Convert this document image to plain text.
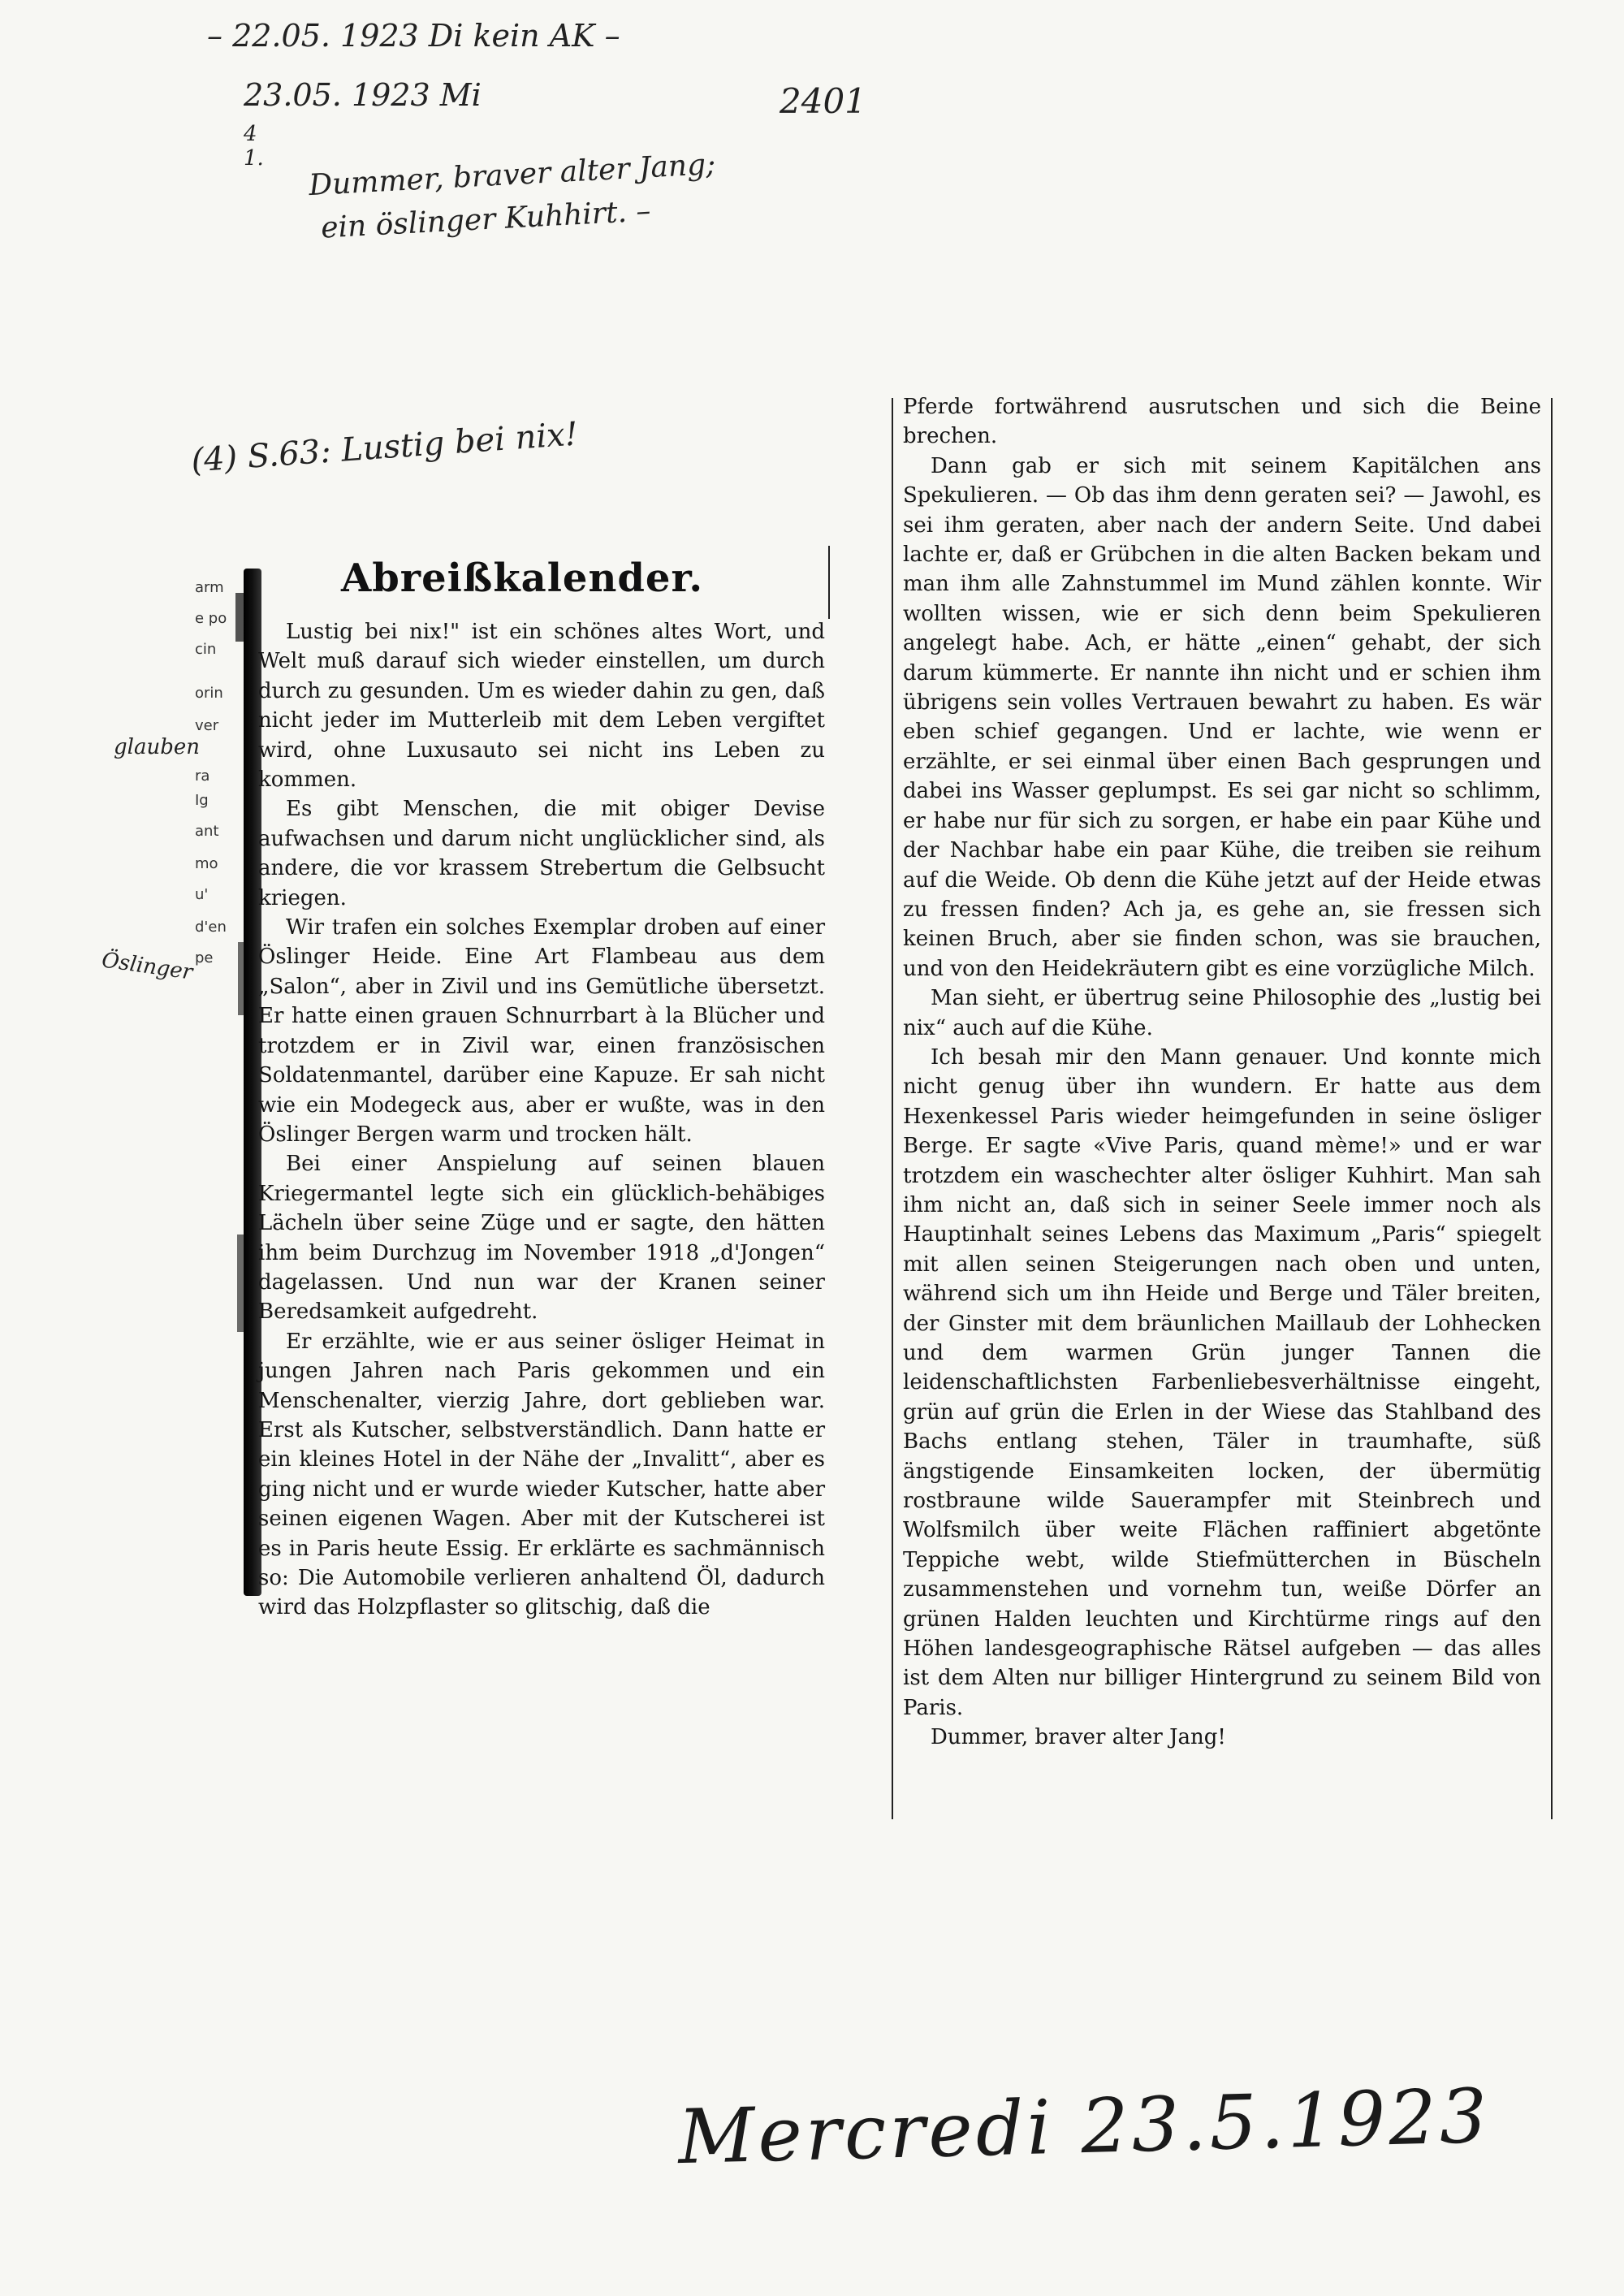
– 22.05. 1923 Di kein AK –
23.05. 1923 Mi	2401
4
1. Dummer, braver alter Jang;
ein öslinger Kuhhirt. –
(4) S.63: Lustig bei nix!
glauben
Öslinger
Mercredi 23.5.1923
arm
e po
cin
orin
ver
ra
Ig
ant
mo
u'
d'en
pe
Abreißkalender.

Lustig bei nix!" ist ein schönes altes Wort, und Welt muß darauf sich wieder einstellen, um durch durch zu gesunden. Um es wieder dahin zu gen, daß nicht jeder im Mutterleib mit dem Leben vergiftet wird, ohne Luxusauto sei nicht ins Leben zu kommen.

Es gibt Menschen, die mit obiger Devise aufwachsen und darum nicht unglücklicher sind, als andere, die vor krassem Strebertum die Gelbsucht kriegen.

Wir trafen ein solches Exemplar droben auf einer Öslinger Heide. Eine Art Flambeau aus dem „Salon“, aber in Zivil und ins Gemütliche übersetzt. Er hatte einen grauen Schnurrbart à la Blücher und trotzdem er in Zivil war, einen französischen Soldatenmantel, darüber eine Kapuze. Er sah nicht wie ein Modegeck aus, aber er wußte, was in den Öslinger Bergen warm und trocken hält.

Bei einer Anspielung auf seinen blauen Kriegermantel legte sich ein glücklich-behäbiges Lächeln über seine Züge und er sagte, den hätten ihm beim Durchzug im November 1918 „d'Jongen“ dagelassen. Und nun war der Kranen seiner Beredsamkeit aufgedreht.

Er erzählte, wie er aus seiner ösliger Heimat in jungen Jahren nach Paris gekommen und ein Menschenalter, vierzig Jahre, dort geblieben war. Erst als Kutscher, selbstverständlich. Dann hatte er ein kleines Hotel in der Nähe der „Invalitt“, aber es ging nicht und er wurde wieder Kutscher, hatte aber seinen eigenen Wagen. Aber mit der Kutscherei ist es in Paris heute Essig. Er erklärte es sachmännisch so: Die Automobile verlieren anhaltend Öl, dadurch wird das Holzpflaster so glitschig, daß die

Pferde fortwährend ausrutschen und sich die Beine brechen.

Dann gab er sich mit seinem Kapitälchen ans Spekulieren. — Ob das ihm denn geraten sei? — Jawohl, es sei ihm geraten, aber nach der andern Seite. Und dabei lachte er, daß er Grübchen in die alten Backen bekam und man ihm alle Zahnstummel im Mund zählen konnte. Wir wollten wissen, wie er sich denn beim Spekulieren angelegt habe. Ach, er hätte „einen“ gehabt, der sich darum kümmerte. Er nannte ihn nicht und er schien ihm übrigens sein volles Vertrauen bewahrt zu haben. Es wär eben schief gegangen. Und er lachte, wie wenn er erzählte, er sei einmal über einen Bach gesprungen und dabei ins Wasser geplumpst. Es sei gar nicht so schlimm, er habe nur für sich zu sorgen, er habe ein paar Kühe und der Nachbar habe ein paar Kühe, die treiben sie reihum auf die Weide. Ob denn die Kühe jetzt auf der Heide etwas zu fressen finden? Ach ja, es gehe an, sie fressen sich keinen Bruch, aber sie finden schon, was sie brauchen, und von den Heidekräutern gibt es eine vorzügliche Milch.

Man sieht, er übertrug seine Philosophie des „lustig bei nix“ auch auf die Kühe.

Ich besah mir den Mann genauer. Und konnte mich nicht genug über ihn wundern. Er hatte aus dem Hexenkessel Paris wieder heimgefunden in seine ösliger Berge. Er sagte «Vive Paris, quand mème!» und er war trotzdem ein waschechter alter ösliger Kuhhirt. Man sah ihm nicht an, daß sich in seiner Seele immer noch als Hauptinhalt seines Lebens das Maximum „Paris“ spiegelt mit allen seinen Steigerungen nach oben und unten, während sich um ihn Heide und Berge und Täler breiten, der Ginster mit dem bräunlichen Maillaub der Lohhecken und dem warmen Grün junger Tannen die leidenschaftlichsten Farbenliebesverhältnisse eingeht, grün auf grün die Erlen in der Wiese das Stahlband des Bachs entlang stehen, Täler in traumhafte, süß ängstigende Einsamkeiten locken, der übermütig rostbraune wilde Sauerampfer mit Steinbrech und Wolfsmilch über weite Flächen raffiniert abgetönte Teppiche webt, wilde Stiefmütterchen in Büscheln zusammenstehen und vornehm tun, weiße Dörfer an grünen Halden leuchten und Kirchtürme rings auf den Höhen landesgeographische Rätsel aufgeben — das alles ist dem Alten nur billiger Hintergrund zu seinem Bild von Paris.

Dummer, braver alter Jang!
